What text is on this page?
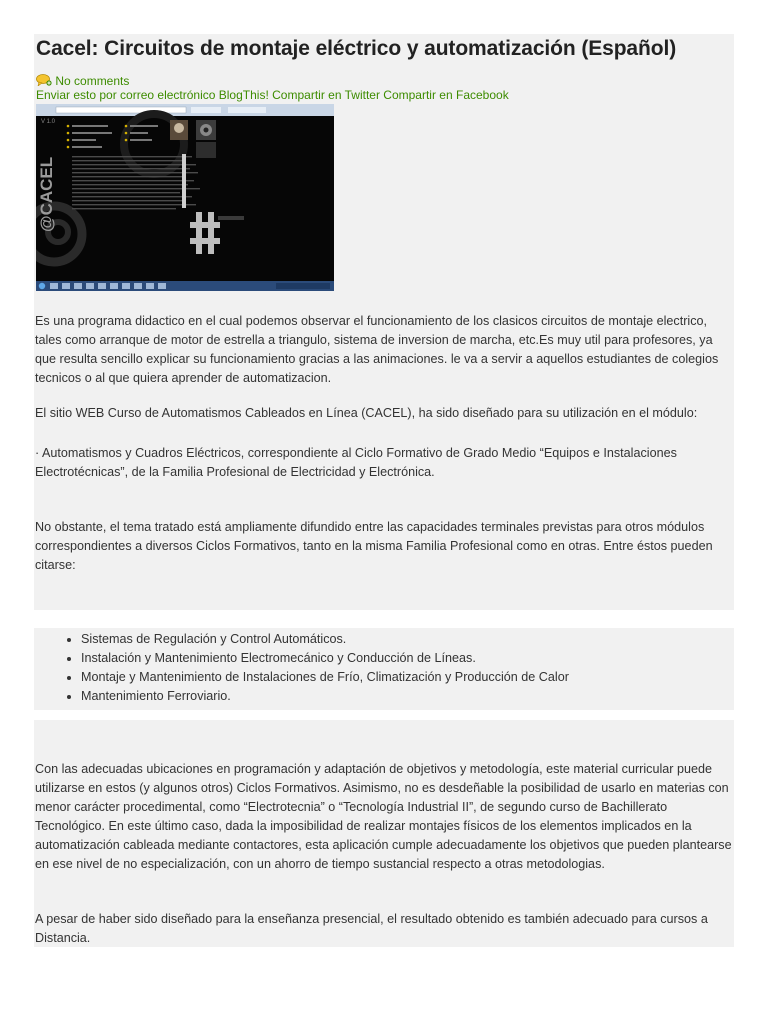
Cacel: Circuitos de montaje eléctrico y automatización (Español)
No comments
Enviar esto por correo electrónico BlogThis! Compartir en Twitter Compartir en Facebook
@CACEL
V 1.0

Es una programa didactico en el cual podemos observar el funcionamiento de los clasicos circuitos de montaje electrico, tales como arranque de motor de estrella a triangulo, sistema de inversion de marcha, etc.Es muy util para profesores, ya que resulta sencillo explicar su funcionamiento gracias a las animaciones. le va a servir a aquellos estudiantes de colegios tecnicos o al que quiera aprender de automatizacion.

El sitio WEB Curso de Automatismos Cableados en Línea (CACEL), ha sido diseñado para su utilización en el módulo:

· Automatismos y Cuadros Eléctricos, correspondiente al Ciclo Formativo de Grado Medio “Equipos e Instalaciones Electrotécnicas”, de la Familia Profesional de Electricidad y Electrónica.

No obstante, el tema tratado está ampliamente difundido entre las capacidades terminales previstas para otros módulos correspondientes a diversos Ciclos Formativos, tanto en la misma Familia Profesional como en otras. Entre éstos pueden citarse:

• Sistemas de Regulación y Control Automáticos.
• Instalación y Mantenimiento Electromecánico y Conducción de Líneas.
• Montaje y Mantenimiento de Instalaciones de Frío, Climatización y Producción de Calor
• Mantenimiento Ferroviario.

Con las adecuadas ubicaciones en programación y adaptación de objetivos y metodología, este material curricular puede utilizarse en estos (y algunos otros) Ciclos Formativos. Asimismo, no es desdeñable la posibilidad de usarlo en materias con menor carácter procedimental, como “Electrotecnia” o “Tecnología Industrial II”, de segundo curso de Bachillerato Tecnológico. En este último caso, dada la imposibilidad de realizar montajes físicos de los elementos implicados en la automatización cableada mediante contactores, esta aplicación cumple adecuadamente los objetivos que pueden plantearse en ese nivel de no especialización, con un ahorro de tiempo sustancial respecto a otras metodologias.

A pesar de haber sido diseñado para la enseñanza presencial, el resultado obtenido es también adecuado para cursos a Distancia.
